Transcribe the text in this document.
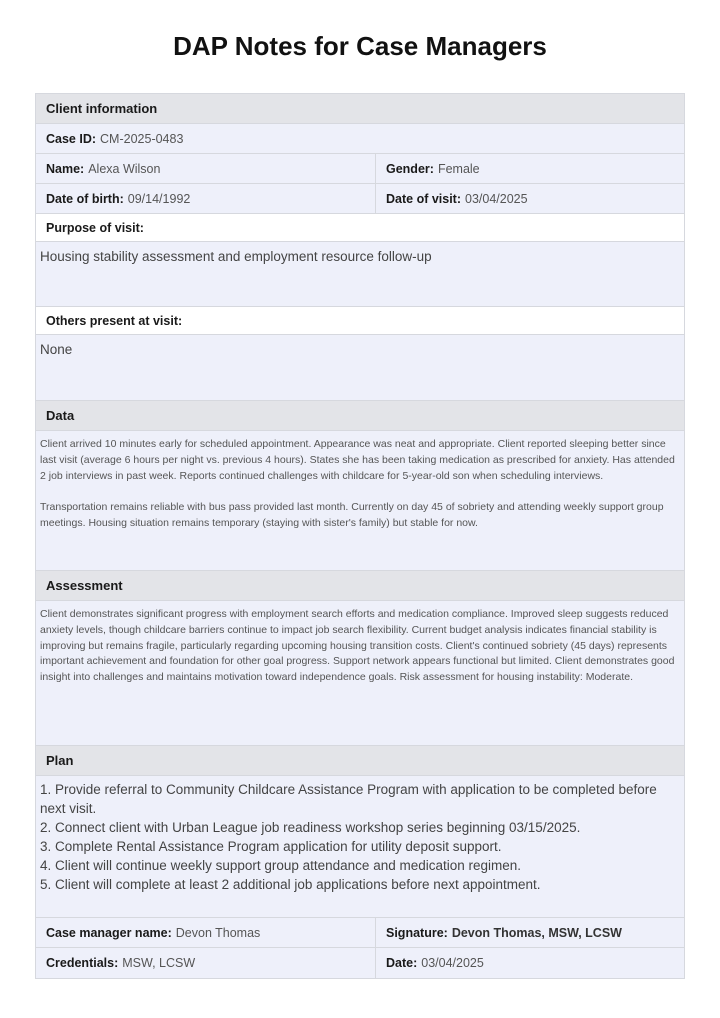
DAP Notes for Case Managers
Client information
Case ID: CM-2025-0483
Name: Alexa Wilson	Gender: Female
Date of birth: 09/14/1992	Date of visit: 03/04/2025
Purpose of visit:
Housing stability assessment and employment resource follow-up
Others present at visit:
None
Data

Client arrived 10 minutes early for scheduled appointment. Appearance was neat and appropriate. Client reported sleeping better since last visit (average 6 hours per night vs. previous 4 hours). States she has been taking medication as prescribed for anxiety. Has attended 2 job interviews in past week. Reports continued challenges with childcare for 5-year-old son when scheduling interviews.

Transportation remains reliable with bus pass provided last month. Currently on day 45 of sobriety and attending weekly support group meetings. Housing situation remains temporary (staying with sister's family) but stable for now.

Assessment

Client demonstrates significant progress with employment search efforts and medication compliance. Improved sleep suggests reduced anxiety levels, though childcare barriers continue to impact job search flexibility. Current budget analysis indicates financial stability is improving but remains fragile, particularly regarding upcoming housing transition costs. Client's continued sobriety (45 days) represents important achievement and foundation for other goal progress. Support network appears functional but limited. Client demonstrates good insight into challenges and maintains motivation toward independence goals. Risk assessment for housing instability: Moderate.

Plan
1. Provide referral to Community Childcare Assistance Program with application to be completed before next visit.
2. Connect client with Urban League job readiness workshop series beginning 03/15/2025.
3. Complete Rental Assistance Program application for utility deposit support.
4. Client will continue weekly support group attendance and medication regimen.
5. Client will complete at least 2 additional job applications before next appointment.
Case manager name: Devon Thomas	Signature: Devon Thomas, MSW, LCSW
Credentials: MSW, LCSW	Date: 03/04/2025
